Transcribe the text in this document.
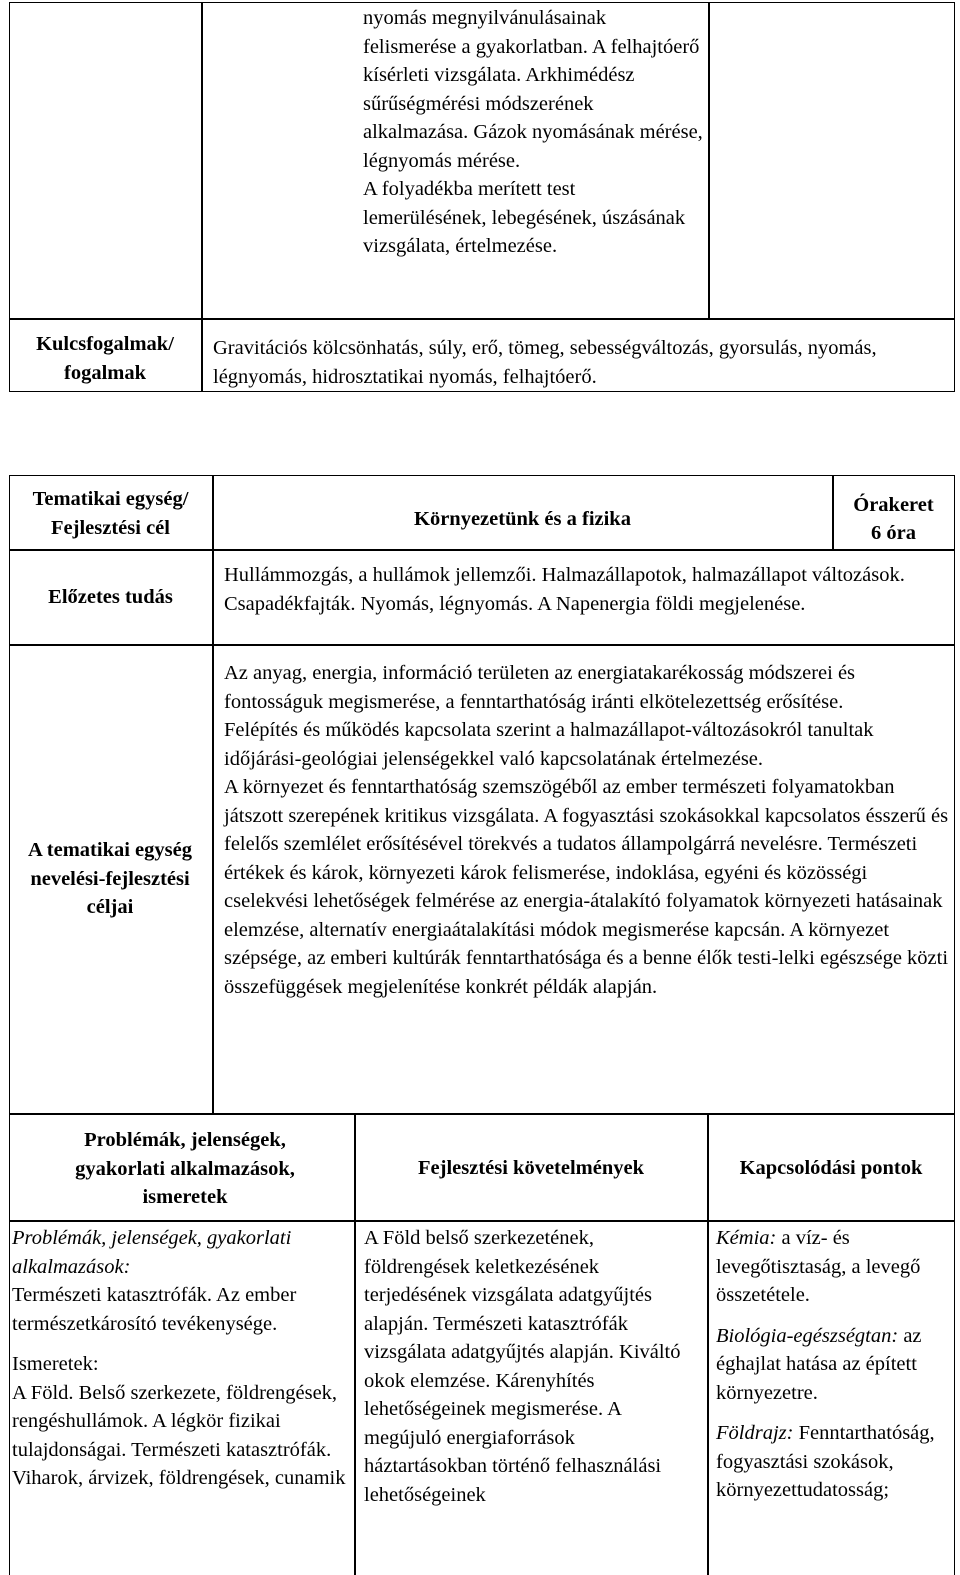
nyomás megnyilvánulásainak felismerése a gyakorlatban. A felhajtóerő kísérleti vizsgálata. Arkhimédész sűrűségmérési módszerének alkalmazása. Gázok nyomásának mérése, légnyomás mérése.

A folyadékba merített test lemerülésének, lebegésének, úszásának vizsgálata, értelmezése.

Kulcsfogalmak/ fogalmak
Gravitációs kölcsönhatás, súly, erő, tömeg, sebességváltozás, gyorsulás, nyomás, légnyomás, hidrosztatikai nyomás, felhajtóerő.
Tematikai egység/ Fejlesztési cél	Környezetünk és a fizika

Órakeret

6 óra

Előzetes tudás
Hullámmozgás, a hullámok jellemzői. Halmazállapotok, halmazállapot változások. Csapadékfajták. Nyomás, légnyomás. A Napenergia földi megjelenése.
A tematikai egység nevelési-fejlesztési céljai

Az anyag, energia, információ területen az energiatakarékosság módszerei és fontosságuk megismerése, a fenntarthatóság iránti elkötelezettség erősítése.

Felépítés és működés kapcsolata szerint a halmazállapot-változásokról tanultak időjárási-geológiai jelenségekkel való kapcsolatának értelmezése.

A környezet és fenntarthatóság szemszögéből az ember természeti folyamatokban játszott szerepének kritikus vizsgálata. A fogyasztási szokásokkal kapcsolatos ésszerű és felelős szemlélet erősítésével törekvés a tudatos állampolgárrá nevelésre. Természeti értékek és károk, környezeti károk felismerése, indoklása, egyéni és közösségi cselekvési lehetőségek felmérése az energia-átalakító folyamatok környezeti hatásainak elemzése, alternatív energiaátalakítási módok megismerése kapcsán. A környezet szépsége, az emberi kultúrák fenntarthatósága és a benne élők testi-lelki egészsége közti összefüggések megjelenítése konkrét példák alapján.

Problémák, jelenségek, gyakorlati alkalmazások, ismeretek
Fejlesztési követelmények	Kapcsolódási pontok

Problémák, jelenségek, gyakorlati alkalmazások:

Természeti katasztrófák. Az ember természetkárosító tevékenysége.

Ismeretek:

A Föld. Belső szerkezete, földrengések, rengéshullámok. A légkör fizikai tulajdonságai. Természeti katasztrófák. Viharok, árvizek, földrengések, cunamik

A Föld belső szerkezetének, földrengések keletkezésének terjedésének vizsgálata adatgyűjtés alapján. Természeti katasztrófák vizsgálata adatgyűjtés alapján. Kiváltó okok elemzése. Kárenyhítés lehetőségeinek megismerése. A megújuló energiaforrások háztartásokban történő felhasználási lehetőségeinek

Kémia: a víz- és levegőtisztaság, a levegő összetétele.

Biológia-egészségtan: az éghajlat hatása az épített környezetre.

Földrajz: Fenntarthatóság, fogyasztási szokások, környezettudatosság;
